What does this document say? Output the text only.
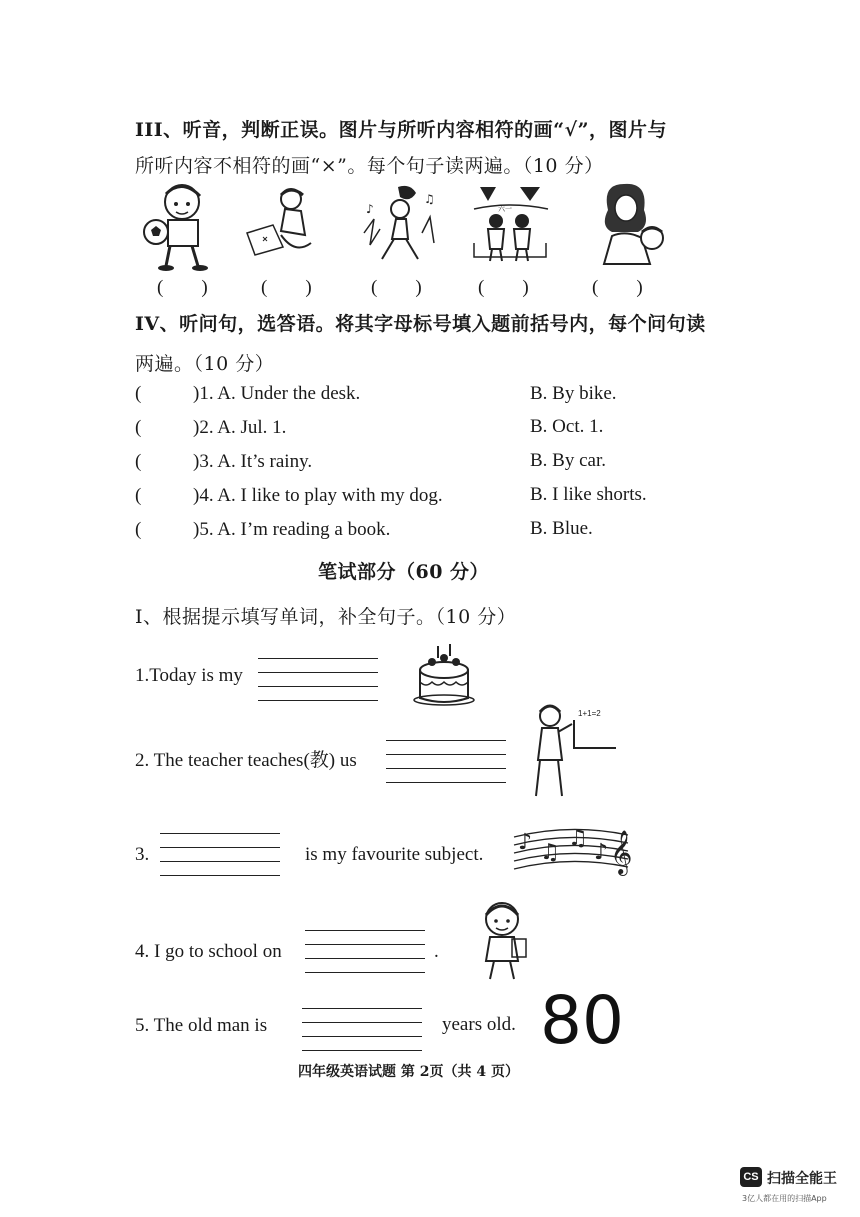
III、听音，判断正误。图片与所听内容相符的画“√”，图片与
所听内容不相符的画“×”。每个句子读两遍。（10 分）
♪
♫
六一
(　　)	(　　)	(　　)	(　　)	(　　)
IV、听问句，选答语。将其字母标号填入题前括号内，每个问句读
两遍。（10 分）
(	)1. A. Under the desk.	B. By bike.
(	)2. A. Jul. 1.	B. Oct. 1.
(	)3. A. It’s rainy.	B. By car.
(	)4. A. I like to play with my dog.	B. I like shorts.
(	)5. A. I’m reading a book.	B. Blue.
笔试部分（60 分）
Ⅰ、根据提示填写单词，补全句子。（10 分）
1.Today is my
2. The teacher teaches(教) us
1+1=2
3.	is my favourite subject. ♪ ♫
♫
♪ 𝄞
4. I go to school on	.
5. The old man is	years old. 80
四年级英语试题 第 2页（共 4 页）
CS 扫描全能王
3亿人都在用的扫描App
